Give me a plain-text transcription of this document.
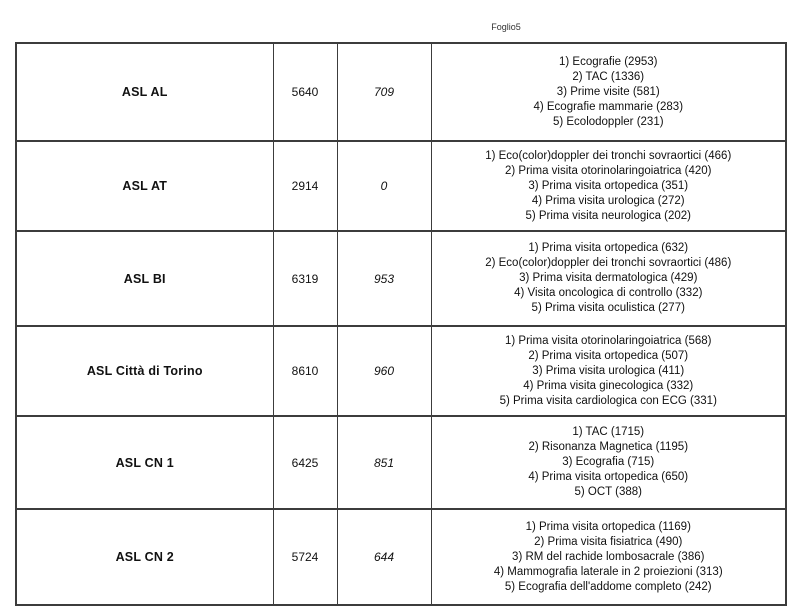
Foglio5
ASL AL	5640	709	1) Ecografie (2953)
2) TAC (1336)
3) Prime visite (581)
4) Ecografie mammarie (283)
5) Ecolodoppler (231)

ASL AT	2914	0	1) Eco(color)doppler dei tronchi sovraortici (466)
2) Prima visita otorinolaringoiatrica (420)
3) Prima visita ortopedica (351)
4) Prima visita urologica (272)
5) Prima visita neurologica (202)

ASL BI	6319	953	1) Prima visita ortopedica (632)
2) Eco(color)doppler dei tronchi sovraortici (486)
3) Prima visita dermatologica (429)
4) Visita oncologica di controllo (332)
5) Prima visita oculistica (277)

ASL Città di Torino	8610	960	1) Prima visita otorinolaringoiatrica (568)
2) Prima visita ortopedica (507)
3) Prima visita urologica (411)
4) Prima visita ginecologica (332)
5) Prima visita cardiologica con ECG (331)

ASL CN 1	6425	851	1) TAC (1715)
2) Risonanza Magnetica (1195)
3) Ecografia (715)
4) Prima visita ortopedica (650)
5) OCT (388)

ASL CN 2	5724	644	1) Prima visita ortopedica (1169)
2) Prima visita fisiatrica (490)
3) RM del rachide lombosacrale (386)
4) Mammografia laterale in 2 proiezioni (313)
5) Ecografia dell'addome completo (242)
